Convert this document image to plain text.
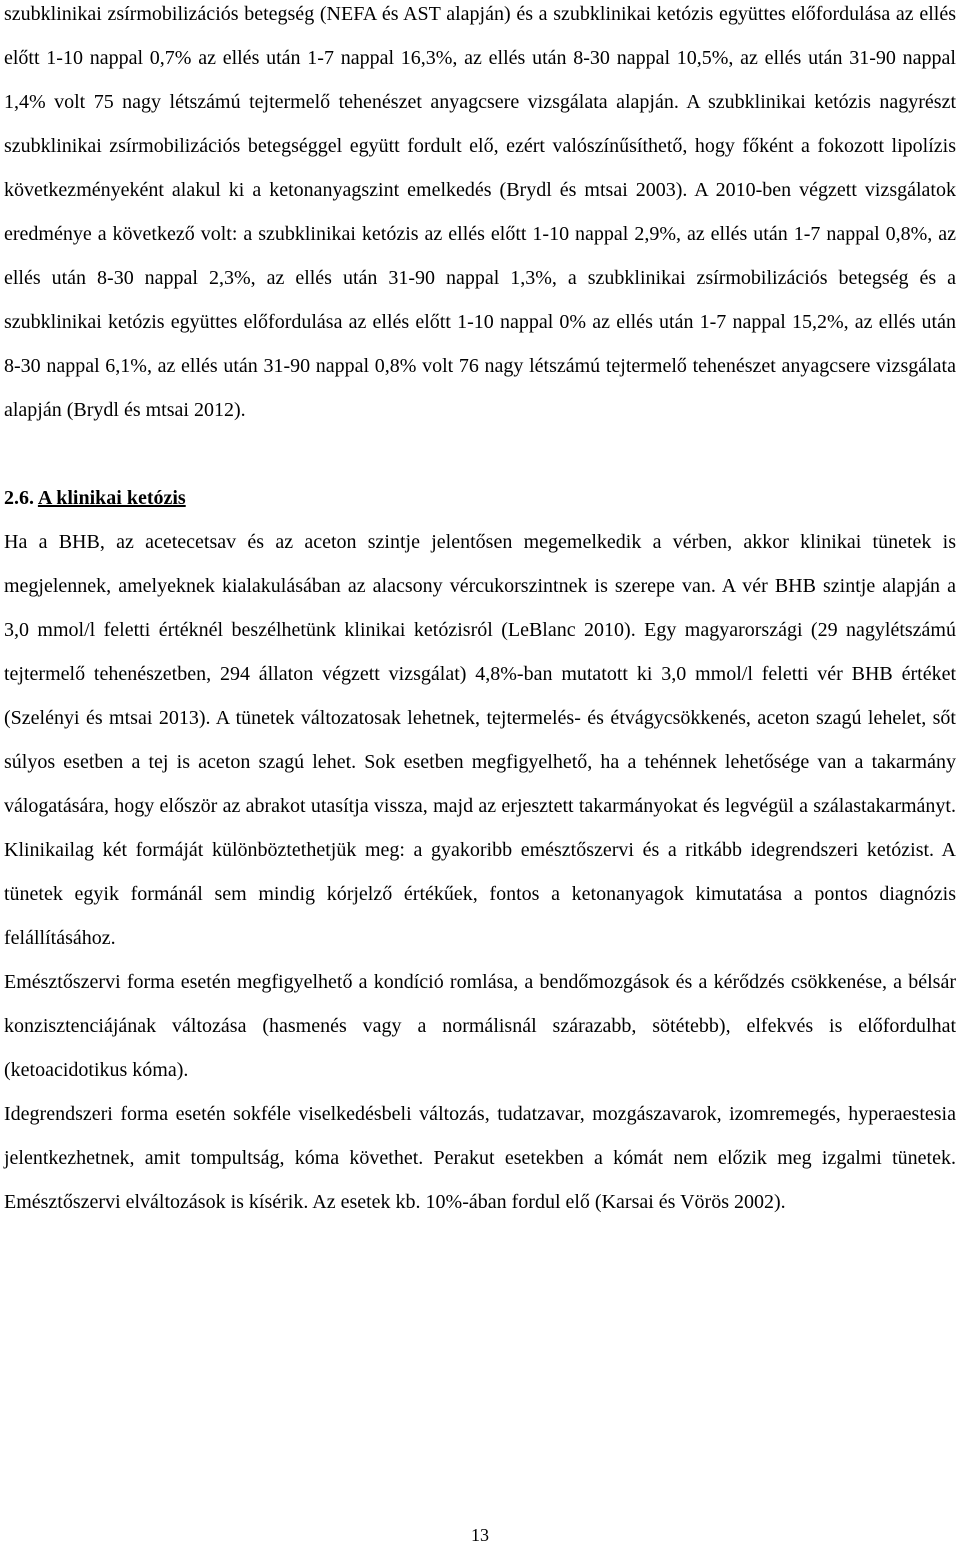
szubklinikai zsírmobilizációs betegség (NEFA és AST alapján) és a szubklinikai ketózis együttes előfordulása az ellés előtt 1-10 nappal 0,7% az ellés után 1-7 nappal 16,3%, az ellés után 8-30 nappal 10,5%, az ellés után 31-90 nappal 1,4% volt 75 nagy létszámú tejtermelő tehenészet anyagcsere vizsgálata alapján. A szubklinikai ketózis nagyrészt szubklinikai zsírmobilizációs betegséggel együtt fordult elő, ezért valószínűsíthető, hogy főként a fokozott lipolízis következményeként alakul ki a ketonanyagszint emelkedés (Brydl és mtsai 2003). A 2010-ben végzett vizsgálatok eredménye a következő volt: a szubklinikai ketózis az ellés előtt 1-10 nappal 2,9%, az ellés után 1-7 nappal 0,8%, az ellés után 8-30 nappal 2,3%, az ellés után 31-90 nappal 1,3%, a szubklinikai zsírmobilizációs betegség és a szubklinikai ketózis együttes előfordulása az ellés előtt 1-10 nappal 0% az ellés után 1-7 nappal 15,2%, az ellés után 8-30 nappal 6,1%, az ellés után 31-90 nappal 0,8% volt 76 nagy létszámú tejtermelő tehenészet anyagcsere vizsgálata alapján (Brydl és mtsai 2012).

2.6. A klinikai ketózis

Ha a BHB, az acetecetsav és az aceton szintje jelentősen megemelkedik a vérben, akkor klinikai tünetek is megjelennek, amelyeknek kialakulásában az alacsony vércukorszintnek is szerepe van. A vér BHB szintje alapján a 3,0 mmol/l feletti értéknél beszélhetünk klinikai ketózisról (LeBlanc 2010). Egy magyarországi (29 nagylétszámú tejtermelő tehenészetben, 294 állaton végzett vizsgálat) 4,8%-ban mutatott ki 3,0 mmol/l feletti vér BHB értéket (Szelényi és mtsai 2013). A tünetek változatosak lehetnek, tejtermelés- és étvágycsökkenés, aceton szagú lehelet, sőt súlyos esetben a tej is aceton szagú lehet. Sok esetben megfigyelhető, ha a tehénnek lehetősége van a takarmány válogatására, hogy először az abrakot utasítja vissza, majd az erjesztett takarmányokat és legvégül a szálastakarmányt. Klinikailag két formáját különböztethetjük meg: a gyakoribb emésztőszervi és a ritkább idegrendszeri ketózist. A tünetek egyik formánál sem mindig kórjelző értékűek, fontos a ketonanyagok kimutatása a pontos diagnózis felállításához.

Emésztőszervi forma esetén megfigyelhető a kondíció romlása, a bendőmozgások és a kérődzés csökkenése, a bélsár konzisztenciájának változása (hasmenés vagy a normálisnál szárazabb, sötétebb), elfekvés is előfordulhat (ketoacidotikus kóma).

Idegrendszeri forma esetén sokféle viselkedésbeli változás, tudatzavar, mozgászavarok, izomremegés, hyperaestesia jelentkezhetnek, amit tompultság, kóma követhet. Perakut esetekben a kómát nem előzik meg izgalmi tünetek. Emésztőszervi elváltozások is kísérik. Az esetek kb. 10%-ában fordul elő (Karsai és Vörös 2002).

13
